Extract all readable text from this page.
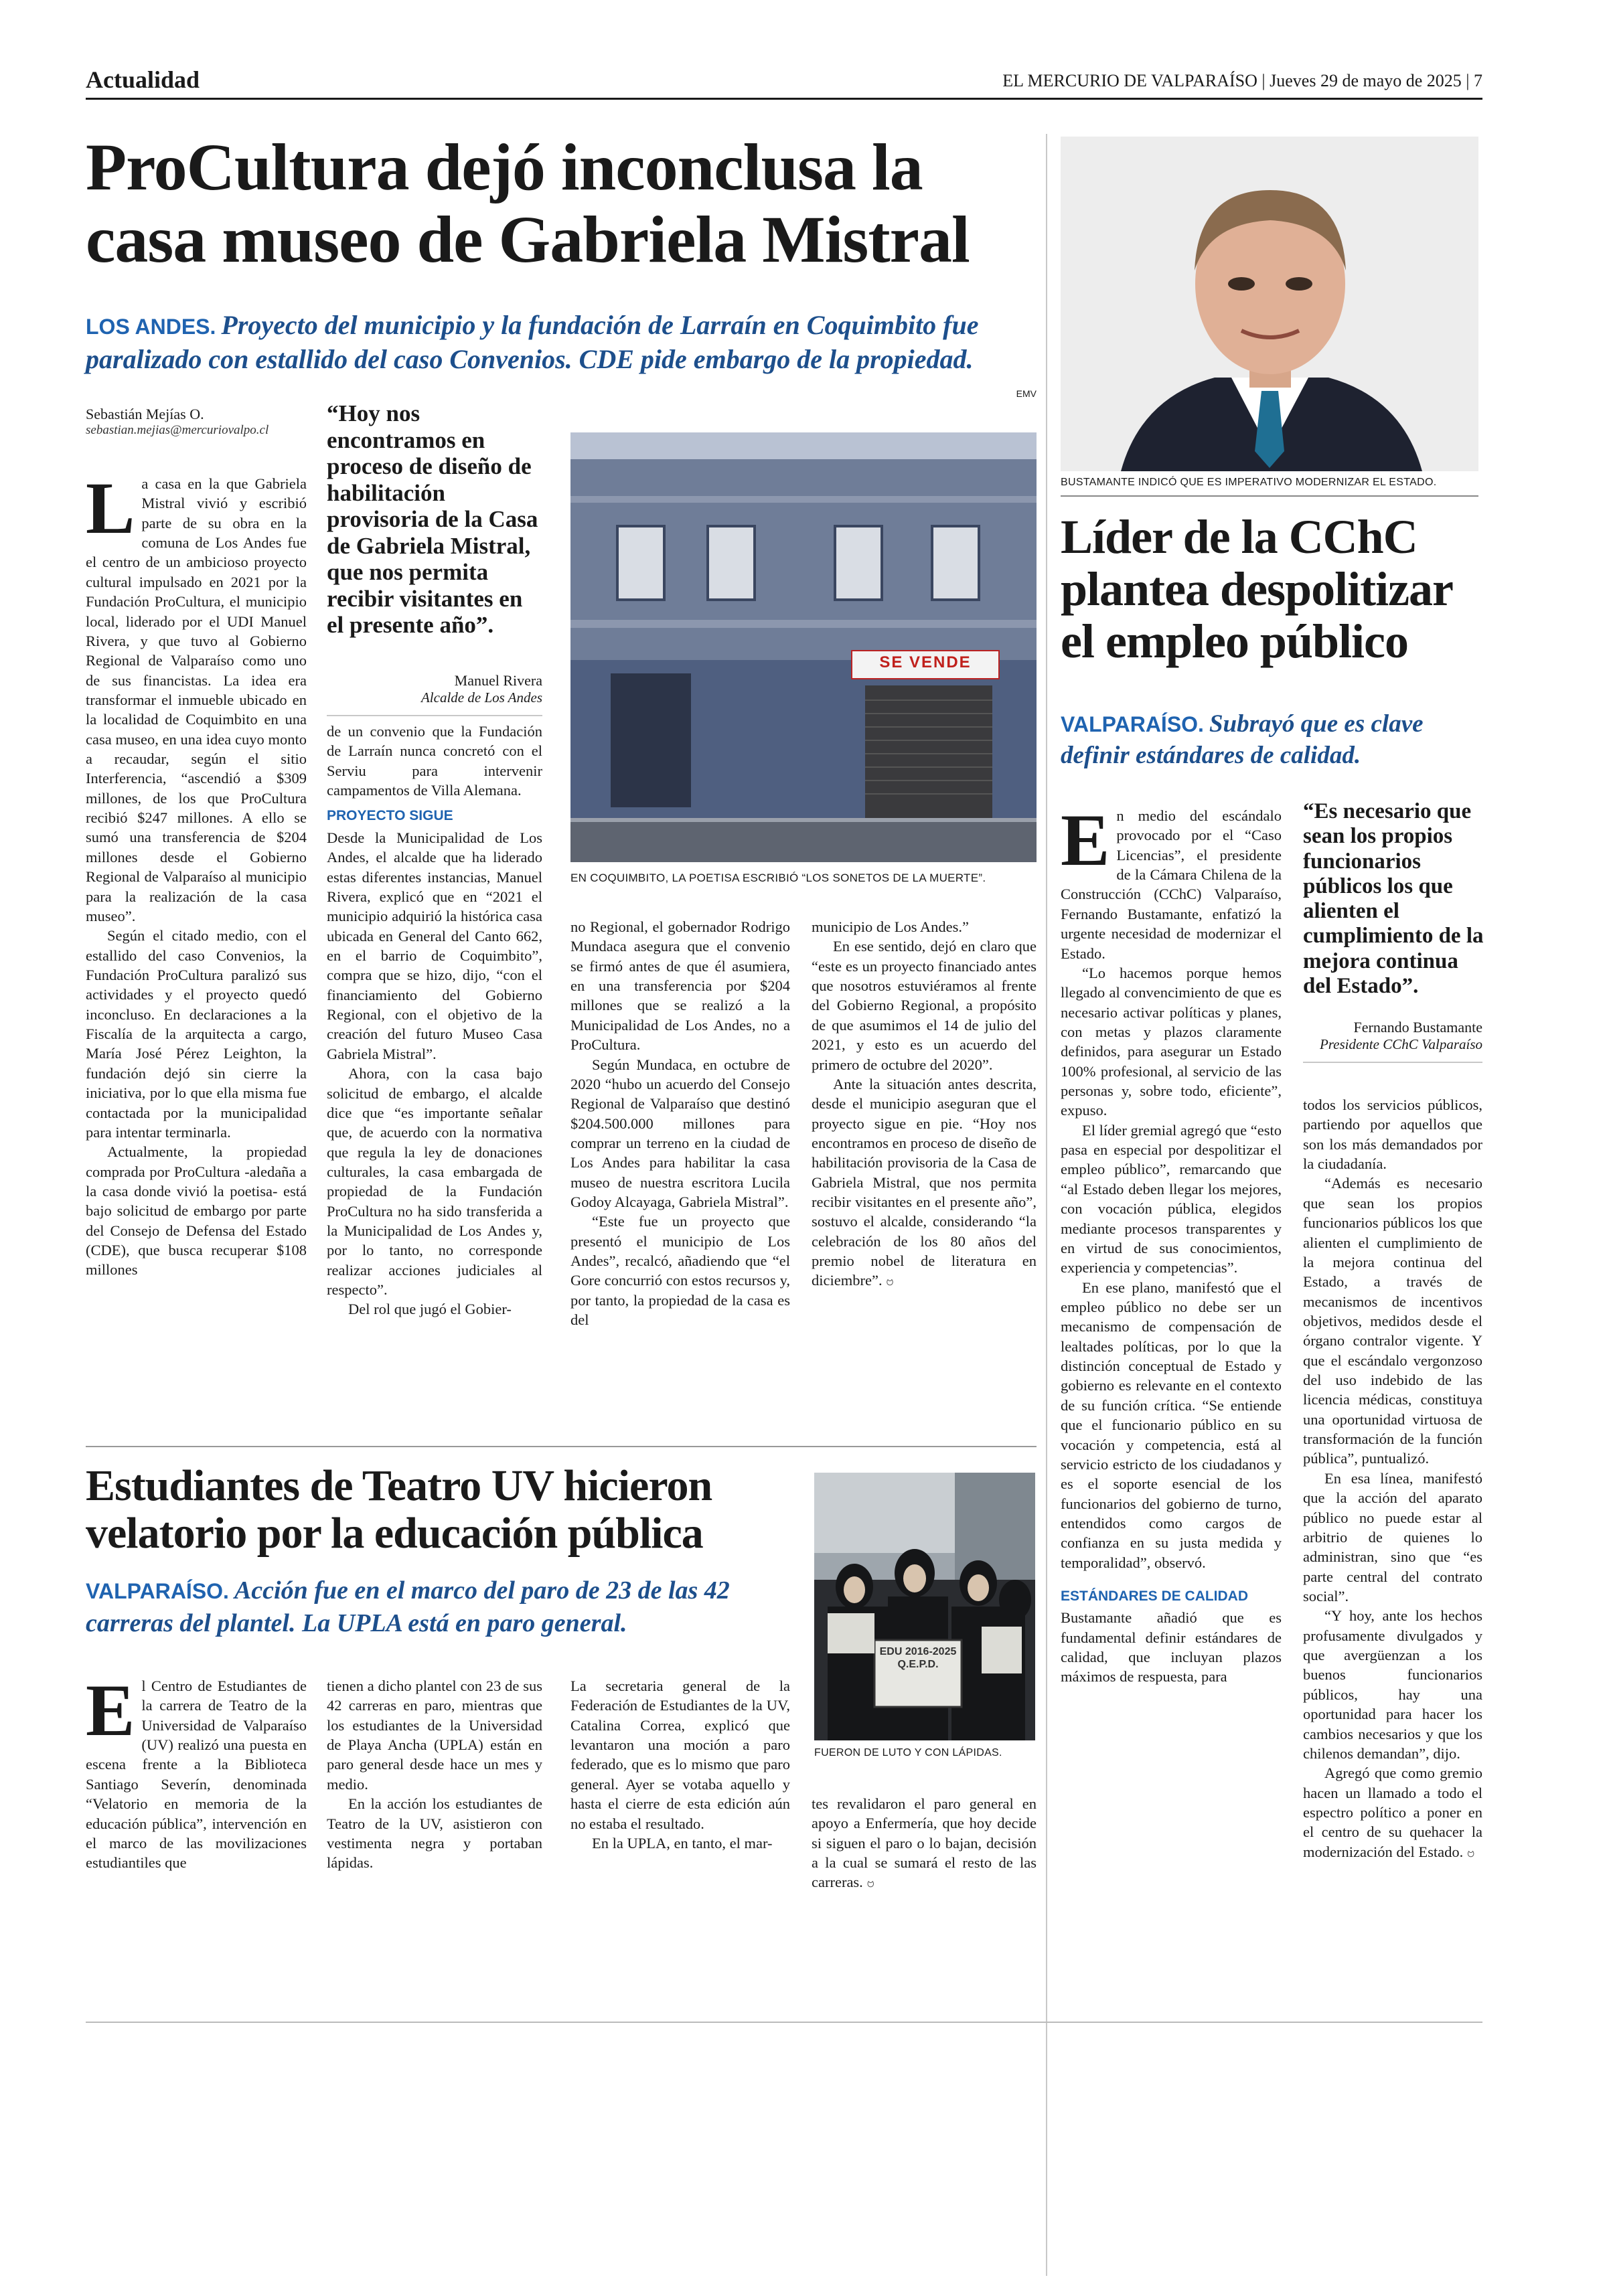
Actualidad	EL MERCURIO DE VALPARAÍSO | Jueves 29 de mayo de 2025 | 7
ProCultura dejó inconclusa la
casa museo de Gabriela Mistral
LOS ANDES. Proyecto del municipio y la fundación de Larraín en Coquimbito fue paralizado con estallido del caso Convenios. CDE pide embargo de la propiedad.
Sebastián Mejías O.
sebastian.mejias@mercuriovalpo.cl
L a casa en la que Gabriela Mistral vivió y escribió parte de su obra en la comuna de Los Andes fue el centro de un ambicioso proyecto cultural impulsado en 2021 por la Fundación ProCultura, el municipio local, liderado por el UDI Manuel Rivera, y que tuvo al Gobierno Regional de Valparaíso como uno de sus financistas. La idea era transformar el inmueble ubicado en la localidad de Coquimbito en una casa museo, en una idea cuyo monto a recaudar, según el sitio Interferencia, “ascendió a $309 millones, de los que ProCultura recibió $247 millones. A ello se sumó una transferencia de $204 millones desde el Gobierno Regional de Valparaíso al municipio para la realización de la casa museo”.

Según el citado medio, con el estallido del caso Convenios, la Fundación ProCultura paralizó sus actividades y el proyecto quedó inconcluso. En declaraciones a la Fiscalía de la arquitecta a cargo, María José Pérez Leighton, la fundación dejó sin cierre la iniciativa, por lo que ella misma fue contactada por la municipalidad para intentar terminarla.

Actualmente, la propiedad comprada por ProCultura -aledaña a la casa donde vivió la poetisa- está bajo solicitud de embargo por parte del Consejo de Defensa del Estado (CDE), que busca recuperar $108 millones

“Hoy nos encontramos en proceso de diseño de habilitación provisoria de la Casa de Gabriela Mistral, que nos permita recibir visitantes en el presente año”.
Manuel Rivera
Alcalde de Los Andes

de un convenio que la Fundación de Larraín nunca concretó con el Serviu para intervenir campamentos de Villa Alemana.

PROYECTO SIGUE

Desde la Municipalidad de Los Andes, el alcalde que ha liderado estas diferentes instancias, Manuel Rivera, explicó que en “2021 el municipio adquirió la histórica casa ubicada en General del Canto 662, en el barrio de Coquimbito”, compra que se hizo, dijo, “con el financiamiento del Gobierno Regional, con el objetivo de la creación del futuro Museo Casa Gabriela Mistral”.

Ahora, con la casa bajo solicitud de embargo, el alcalde dice que “es importante señalar que, de acuerdo con la normativa que regula la ley de donaciones culturales, la casa embargada de propiedad de la Fundación ProCultura no ha sido transferida a la Municipalidad de Los Andes y, por lo tanto, no corresponde realizar acciones judiciales al respecto”.

Del rol que jugó el Gobier-

EMV
SE VENDE
EN COQUIMBITO, LA POETISA ESCRIBIÓ “LOS SONETOS DE LA MUERTE”.

no Regional, el gobernador Rodrigo Mundaca asegura que el convenio se firmó antes de que él asumiera, en una transferencia por $204 millones que se realizó a la Municipalidad de Los Andes, no a ProCultura.

Según Mundaca, en octubre de 2020 “hubo un acuerdo del Consejo Regional de Valparaíso que destinó $204.500.000 millones para comprar un terreno en la ciudad de Los Andes para habilitar la casa museo de nuestra escritora Lucila Godoy Alcayaga, Gabriela Mistral”.

“Este fue un proyecto que presentó el municipio de Los Andes”, recalcó, añadiendo que “el Gore concurrió con estos recursos y, por tanto, la propiedad de la casa es del

municipio de Los Andes.”

En ese sentido, dejó en claro que “este es un proyecto financiado antes que nosotros estuviéramos al frente del Gobierno Regional, a propósito de que asumimos el 14 de julio del 2021, y esto es un acuerdo del primero de octubre del 2020”.

Ante la situación antes descrita, desde el municipio aseguran que el proyecto sigue en pie. “Hoy nos encontramos en proceso de diseño de habilitación provisoria de la Casa de Gabriela Mistral, que nos permita recibir visitantes en el presente año”, sostuvo el alcalde, considerando “la celebración de los 80 años del premio nobel de literatura en diciembre”. ဗ

BUSTAMANTE INDICÓ QUE ES IMPERATIVO MODERNIZAR EL ESTADO.
Líder de la CChC
plantea despolitizar
el empleo público
VALPARAÍSO. Subrayó que es clave definir estándares de calidad.
E n medio del escándalo provocado por el “Caso Licencias”, el presidente de la Cámara Chilena de la Construcción (CChC) Valparaíso, Fernando Bustamante, enfatizó la urgente necesidad de modernizar el Estado.

“Lo hacemos porque hemos llegado al convencimiento de que es necesario activar políticas y planes, con metas y plazos claramente definidos, para asegurar un Estado 100% profesional, al servicio de las personas y, sobre todo, eficiente”, expuso.

El líder gremial agregó que “esto pasa en especial por despolitizar el empleo público”, remarcando que “al Estado deben llegar los mejores, con vocación pública, elegidos mediante procesos transparentes y en virtud de sus conocimientos, experiencia y competencias”.

En ese plano, manifestó que el empleo público no debe ser un mecanismo de compensación de lealtades políticas, por lo que la distinción conceptual de Estado y gobierno es relevante en el contexto de su función crítica. “Se entiende que el funcionario público en su vocación y competencia, está al servicio estricto de los ciudadanos y es el soporte esencial de los funcionarios del gobierno de turno, entendidos como cargos de confianza en su justa medida y temporalidad”, observó.

ESTÁNDARES DE CALIDAD

Bustamante añadió que es fundamental definir estándares de calidad, que incluyan plazos máximos de respuesta, para

“Es necesario que sean los propios funcionarios públicos los que alienten el cumplimiento de la mejora continua del Estado”.
Fernando Bustamante
Presidente CChC Valparaíso

todos los servicios públicos, partiendo por aquellos que son los más demandados por la ciudadanía.

“Además es necesario que sean los propios funcionarios públicos los que alienten el cumplimiento de la mejora continua del Estado, a través de mecanismos de incentivos objetivos, medidos desde el órgano contralor vigente. Y que el escándalo vergonzoso del uso indebido de las licencia médicas, constituya una oportunidad virtuosa de transformación de la función pública”, puntualizó.

En esa línea, manifestó que la acción del aparato público no puede estar al arbitrio de quienes lo administran, sino que “es parte central del contrato social”.

“Y hoy, ante los hechos profusamente divulgados y que avergüenzan a los buenos funcionarios públicos, hay una oportunidad para hacer los cambios necesarios y que los chilenos demandan”, dijo.

Agregó que como gremio hacen un llamado a todo el espectro político a poner en el centro de su quehacer la modernización del Estado. ဗ

Estudiantes de Teatro UV hicieron
velatorio por la educación pública
VALPARAÍSO. Acción fue en el marco del paro de 23 de las 42 carreras del plantel. La UPLA está en paro general.
E l Centro de Estudiantes de la carrera de Teatro de la Universidad de Valparaíso (UV) realizó una puesta en escena frente a la Biblioteca Santiago Severín, denominada “Velatorio en memoria de la educación pública”, intervención en el marco de las movilizaciones estudiantiles que

tienen a dicho plantel con 23 de sus 42 carreras en paro, mientras que los estudiantes de la Universidad de Playa Ancha (UPLA) están en paro general desde hace un mes y medio.

En la acción los estudiantes de Teatro de la UV, asistieron con vestimenta negra y portaban lápidas.

La secretaria general de la Federación de Estudiantes de la UV, Catalina Correa, explicó que levantaron una moción a paro federado, que es lo mismo que paro general. Ayer se votaba aquello y hasta el cierre de esta edición aún no estaba el resultado.

En la UPLA, en tanto, el mar-

tes revalidaron el paro general en apoyo a Enfermería, que hoy decide si siguen el paro o lo bajan, decisión a la cual se sumará el resto de las carreras. ဗ

EDU 2016-2025 Q.E.P.D.
FUERON DE LUTO Y CON LÁPIDAS.
